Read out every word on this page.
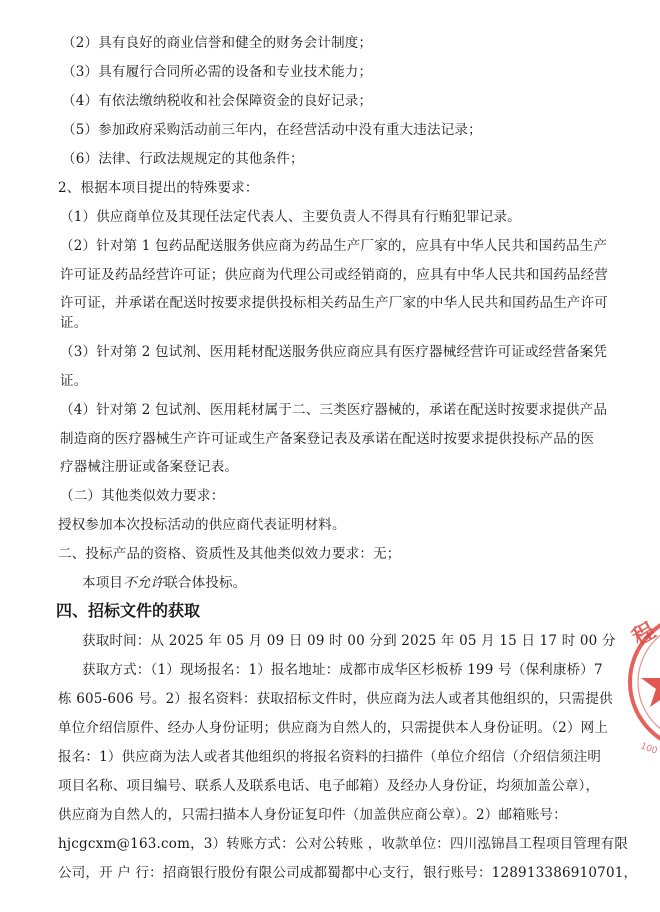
（2）具有良好的商业信誉和健全的财务会计制度；
（3）具有履行合同所必需的设备和专业技术能力；
（4）有依法缴纳税收和社会保障资金的良好记录；
（5）参加政府采购活动前三年内，在经营活动中没有重大违法记录；
（6）法律、行政法规规定的其他条件；
2、根据本项目提出的特殊要求：
（1）供应商单位及其现任法定代表人、主要负责人不得具有行贿犯罪记录。
（2）针对第 1 包药品配送服务供应商为药品生产厂家的，应具有中华人民共和国药品生产
许可证及药品经营许可证；供应商为代理公司或经销商的，应具有中华人民共和国药品经营
许可证，并承诺在配送时按要求提供投标相关药品生产厂家的中华人民共和国药品生产许可
证。
（3）针对第 2 包试剂、医用耗材配送服务供应商应具有医疗器械经营许可证或经营备案凭
证。
（4）针对第 2 包试剂、医用耗材属于二、三类医疗器械的，承诺在配送时按要求提供产品
制造商的医疗器械生产许可证或生产备案登记表及承诺在配送时按要求提供投标产品的医
疗器械注册证或备案登记表。
（二）其他类似效力要求：
授权参加本次投标活动的供应商代表证明材料。
二、投标产品的资格、资质性及其他类似效力要求：无；
本项目不允许联合体投标。
四、招标文件的获取
获取时间：从 2025 年 05 月 09 日 09 时 00 分到 2025 年 05 月 15 日 17 时 00 分
获取方式：（1）现场报名：1）报名地址：成都市成华区杉板桥 199 号（保利康桥）7
栋 605-606 号。2）报名资料：获取招标文件时，供应商为法人或者其他组织的，只需提供
单位介绍信原件、经办人身份证明；供应商为自然人的，只需提供本人身份证明。（2）网上
报名：1）供应商为法人或者其他组织的将报名资料的扫描件（单位介绍信（介绍信须注明
项目名称、项目编号、联系人及联系电话、电子邮箱）及经办人身份证，均须加盖公章），
供应商为自然人的，只需扫描本人身份证复印件（加盖供应商公章）。2）邮箱账号：
hjcgcxm@163.com，3）转账方式：公对公转账 ，收款单位：四川泓锦昌工程项目管理有限
公司，开 户 行：招商银行股份有限公司成都蜀都中心支行，银行账号：128913386910701，
程
100
